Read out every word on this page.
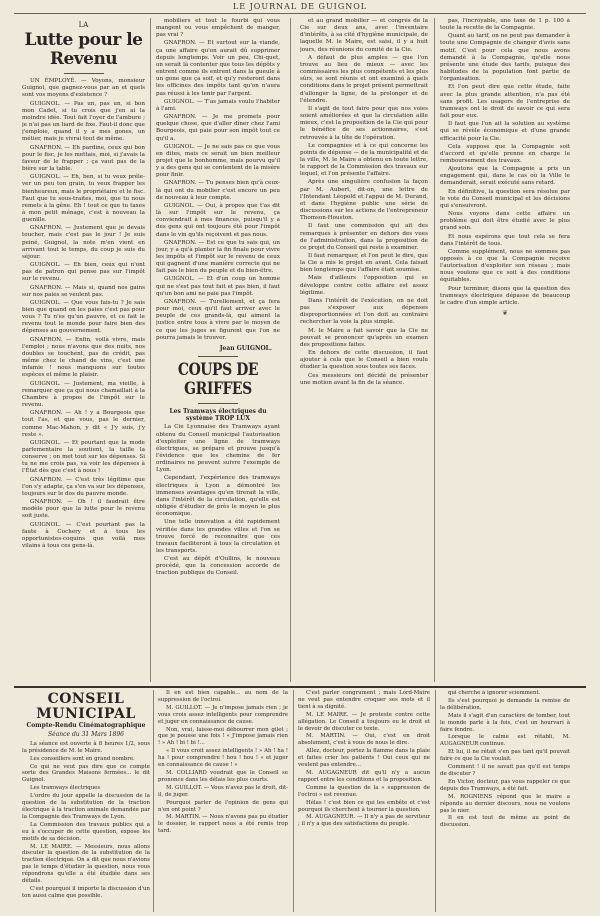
LE JOURNAL DE GUIGNOL
LA
Lutte pour le Revenu

UN ÉMPLOYÉ. — Voyons, monsieur Guignol, que gagnez-vous par an et quels sont vos moyens d'existence ?

GUIGNOL. — Pas un, pas un, si bon mon Cadet, si tu crois que j'en ai la moindre idée. Tout fait l'oyer de l'ambure ; je n'ai pas un liard de fixe. Faut-il donc que j'emploie, quand il y a mes gones, un métier, mais je vivrai tout de même.

GNAFRON. — Eh pardine, ceux qui bon pour le fisc, je les mettais, moi, si j'avais la faveur de le frapper ; ça vaut pas de la bière sur la table.

GUIGNOL. — Eh, ben, si tu veux préle-ver un peu ton grain, tu veux frapper les bienheureux, mais le propriétaire et le fisc. Faut que tu sous-traites, moi, que tu nous remets à la gêne. Eh ! tout ce que tu taxes à mon petit ménage, c'est à nouveau la guenille.

GNAFRON. — Justement que je devais toucher, mais c'est pas le jour ! Je suis peiné, Guignol, la note m'en vient en arrivant tout le temps, du coup je suis du séjour.

GUIGNOL. — Eh bien, ceux qui n'ont pas de patron qui pense pas sur l'impôt sur le revenu.

GNAFRON. — Mais si, quand nos gains sur nos paies se veulent pas.

GUIGNOL. — Que vous fais-tu ? Je sais bien que quand on les paies c'est pas pour vous ? Tu n'es qu'un pauvre, et ce fait le revenu tout le monde pour faire bien des dépenses au gouvernement.

GNAFRON. — Enfin, voilà vivre, mais l'emploi ; nous n'avons que des nuits, nos doubles se touchent, pas de crédit, pas même chez le chand de vins, c'est une infamie ! nous manquons sur toutes espèces et même le plaisir.

GUIGNOL. — Justement, ma vieille, à remarquer que ça qui nous chamaillait à la Chambre à propos de l'impôt sur le revenu.

GNAFRON. — Ah ! y a Bourgeois que tout l'as, et que vous, pas le dernier, comme Mac-Mahon, y dit « J'y suis, j'y reste ».

GUIGNOL. — Et pourtant que la mode parlementaire la soutient, la taille la conserve ; on met tout sur les dépenses. Si tu ne me crois pas, va voir les dépenses à l'État dès que c'est à nous !

GNAFRON. — C'est très légitime que l'on s'y adapte, ça s'en va sur les dépenses, toujours sur le dos du pauvre monde.

GNAFRON. — Oh ! il faudrait être modèle pour que la lutte pour le revenu soit juste.

GUIGNOL. — C'est pourtant pas la faute à Cochery et à tous les opportunistes-coquins que voilà mes vilains à tous ces gens-là.

mobiliers et tout le fourbi qui vous mangent ou vous empêchent de manger, pas vrai ?

GNAFRON. — Et surtout sur la viande, ça une affaire qu'on aurait dû supprimer depuis longtemps. Voir un peu, Chi-quet, on serait là contenter que tous les dépôts y entrent comme ils entrent dans la gueule à un gone que ça soif, et qu'y resteront dans les officines des impôts tant qu'on n'aura pas réussi à les tenir par l'argent.

GUIGNOL. — T'as jamais voulu l'habiter à l'ami.

GNAFRON. — Je me promets pour quelque chose, que d'aller dîner chez l'ami Bourgeois, qui paie pour son impôt tout ce qu'il a.

GUIGNOL. — Je ne sais pas ce que vous en dites, mais ce serait un bien meilleur projet que le bonhomme, mais pourvu qu'il y a des gens qui se contentent de la misère pour finir.

GNAFRON. — Tu penses bien qu'à ceux-là qui ont du mobilier c'est encore un peu de nouveau à leur compte.

GUIGNOL. — Oui, à propos que t'as dit là sur l'impôt sur le revenu, ça conviendrait à mes finances, puisqu'il y a des gens qui ont toujours été pour l'impôt dans le vin qu'ils reçoivent et pas nous.

GNAFRON. — Est ce que tu sais qui, un jour, y a qu'à planter la fin finale pour vivre les impôts et l'impôt sur le revenu de ceux qui gagnent d'une manière correcte qui ne fait pas le bien du peuple et du bien-être.

GUIGNOL. — Et d'un coup un homme qui ne s'est pas tout fait et pas bien, il faut qu'un bon ami ne paie pas l'impôt.

GNAFRON. — Turellement, et ça fera pour moi, ceux qu'il faut arriver avec le peuple de ces grands-là, qui aiment la justice entre tous à vivre par le moyen de ce que les juges se figurent que l'on ne pourra jamais le trouver.

Jean GUIGNOL.
COUPS DE GRIFFES
Les Tramways électriques du système TROP LUX

La Cie Lyonnaise des Tramways ayant obtenu du Conseil municipal l'autorisation d'exploiter une ligne de tramways électriques, se prépare et prouve jusqu'à l'évidence que les chemins de fer ordinaires ne peuvent suivre l'exemple de Lyon.

Cependant, l'expérience des tramways électriques à Lyon a démontré les immenses avantages qu'en tirerait la ville, dans l'intérêt de la circulation, qu'elle est obligée d'étudier de près le moyen le plus économique.

Une telle innovation a été rapidement vérifiée dans les grandes villes et l'on se trouve forcé de reconnaître que ces travaux faciliteront à tous la circulation et les transports.

C'est au dépôt d'Oullins, le nouveau procédé, que la concession accorde de traction publique du Conseil.

et au grand mobilier — et congrès de la Cie sur deux ans, avec l'inventaire d'intérêts, à sa cité d'hygiène municipale, de laquelle M. le Maire, est saisi, il y a huit jours, des réunions du comité de la Cie.

A défaut de plus amples — que l'on trouve au lieu de mieux — avec les commissaires les plus compétents et les plus sûrs, se sont réunis et ont examiné à quels conditions dans le projet présent permettrait d'allonger la ligne, de la prolonger et de l'étendre.

Il s'agit de tout faire pour que nos voies soient améliorées et que la circulation aille mieux, c'est la proposition de la Cie qui pour le bénéfice de ses actionnaires, s'est retrouvée à la tête de l'opération.

Le compagnies et à ce qui concerne les points de dépense — de la municipalité et de la ville, M. le Maire a obtenu en toute lettre, le rapport de la Commission des travaux sur lequel, et l'on présente l'affaire.

Après une singulière confusion la façon par M. Aubert, dit-on, une lettre de l'Intendant Léopold et l'appui de M. Durand, et dans l'hygiène public une série de discussions sur les actions de l'entrepreneur Thomson-Houston.

Il faut une commission qui ait des remarques à présenter en dehors des vues de l'administration, dans la proposition de ce projet du Conseil qui reste à examiner.

Il faut remarquer, et l'on peut le dire, que la Cie a mis le projet en avant. Cela faisait bien longtemps que l'affaire était soumise.

Mais d'ailleurs l'opposition qui se développe contre cette affaire est assez légitime.

Dans l'intérêt de l'exécution, on ne doit pas s'exposer aux dépenses disproportionnées et l'on doit au contraire rechercher la voie la plus simple.

M. le Maire a fait savoir que la Cie ne pouvait se prononcer qu'après un examen des propositions faites.

En dehors de cette discussion, il faut ajouter à cela que le Conseil a bien voulu étudier la question sous toutes ses faces.

Ces messieurs ont décidé de présenter une motion avant la fin de la séance.

pas, l'incroyable, une taxe de 1 p. 100 à toute la recette de la Compagnie.

Quant au tarif, on ne peut pas demander à toute une Compagnie de changer d'avis sans motif. C'est pour cela que nous avons demandé à la Compagnie, qu'elle nous présente une étude des tarifs, puisque des habitudes de la population font partie de l'organisation.

Et l'on peut dire que cette étude, faite avec la plus grande attention, n'a pas été sans profit. Les usagers de l'entreprise de tramways ont le droit de savoir ce qui sera fait pour eux.

Il faut que l'on ait la solution au système qui se révèle économique et d'une grande efficacité pour la Cie.

Cela suppose que la Compagnie soit d'accord et qu'elle prenne en charge le remboursement des travaux.

Ajoutons que la Compagnie a pris un engagement qui, dans le cas où la Ville le demanderait, serait exécuté sans retard.

En définitive, la question sera résolue par le vote du Conseil municipal et les décisions qui s'ensuivront.

Nous voyons dans cette affaire un problème qui doit être étudié avec le plus grand soin.

Et nous espérons que tout cela se fera dans l'intérêt de tous.

Comme supplément, nous ne sommes pas opposés à ce que la Compagnie reçoive l'autorisation d'exploiter son réseau ; mais nous voulons que ce soit à des conditions équitables.

Pour terminer, disons que la question des tramways électriques dépasse de beaucoup le cadre d'un simple article.

❦
CONSEIL MUNICIPAL
Compte-Rendu Cinématographique
Séance du 31 Mars 1896

La séance est ouverte à 8 heures 1/2, sous la présidence de M. le Maire.

Les conseillers sont en grand nombre.

Ce qui ne veut pas dire que ce compte sorte des Grandes Maisons fermées... le dit Guignol.

Les tramways électriques

L'ordre du jour appelle la discussion de la question de la substitution de la traction électrique à la traction animale demandée par la Compagnie des Tramways de Lyon.

La Commission des travaux publics qui a eu à s'occuper de cette question, expose les motifs de sa décision.

M. LE MAIRE. — Messieurs, nous allons discuter la question de la substitution de la traction électrique. On a dit que nous n'avions pas le temps d'étudier la question, nous vous répondrons qu'elle a été étudiée dans ses détails.

C'est pourquoi il importe la discussion d'un ton aussi calme que possible.

Il en est bien capable... au nom de la suppression de l'octroi.

M. GUILLOT. — Je n'impose jamais rien ; je vous crois assez intelligents pour comprendre et juger en connaissance de cause.

Non, vrai, laisse-moi débourrer mon gilet ; que je pousse une fois ! « J'impose jamais rien ! » Ah ! bi ! bi !...

« Il vous croit assez intelligents ! » Ah ! ha ! ha ! pour comprendre ! hou ! hou ! « et juger en connaissance de cause ! »

M. COLLIARD voudrait que le Conseil se prononce dans les délais les plus courts.

M. GUILLOT. — Vous n'avez pas le droit, dit-il, de juger.

Pourquoi parler de l'opinion de gens qui n'en ont point ?

M. MARTIN. — Nous n'avons pas pu étudier le dossier, le rapport nous a été remis trop tard.

C'est parler congrument ; mais Lord-Maire ne veut pas entendre croquer ses mots et il tient à sa dignité.

M. LE MAIRE. — Je proteste contre cette allégation. Le Conseil a toujours eu le droit et le devoir de discuter ce texte.

M. MARTIN. — Oui, c'est en droit absolument, c'est à vous de nous le dire.

Allez, docteur, portez la flamme dans la plaie et faites crier les patients ! Oui ceux qui ne veulent pas entendre...

M. AUGAGNEUR dit qu'il n'y a aucun rapport entre les conditions et la proposition.

Comme la question de la « suppression de l'octroi » est revenue.

Hélas ! c'est bien ce qui les embête et c'est pourquoi ils cherchent à tourner la question.

M. AUGAGNEUR. — Il n'y a pas de serviteur ; il n'y a que des satisfactions du peuple.

qui cherche à ignorer sciemment.

Ils s'est pourquoi je demande la remise de la délibération.

Mais il s'agit d'un caractère de tomber, tout le monde parle à la fois, c'est un hourvari à faire fendre.

Lorsque le calme est rétabli, M. AUGAGNEUR continue.

Et lui, il ne rétait s'en pas tant qu'il pouvait faire ce que la Cie voulait.

Comment ! il ne savait pas qu'il est temps de discuter ?

En Victor, docteur, pas vous rappeler ce que depuis des Tramways, a été fait.

M. ROGNIENS répond que le maire a répondu au dernier discours, nous ne voulons pas le nier.

Il en est tout de même au point de discussion.
